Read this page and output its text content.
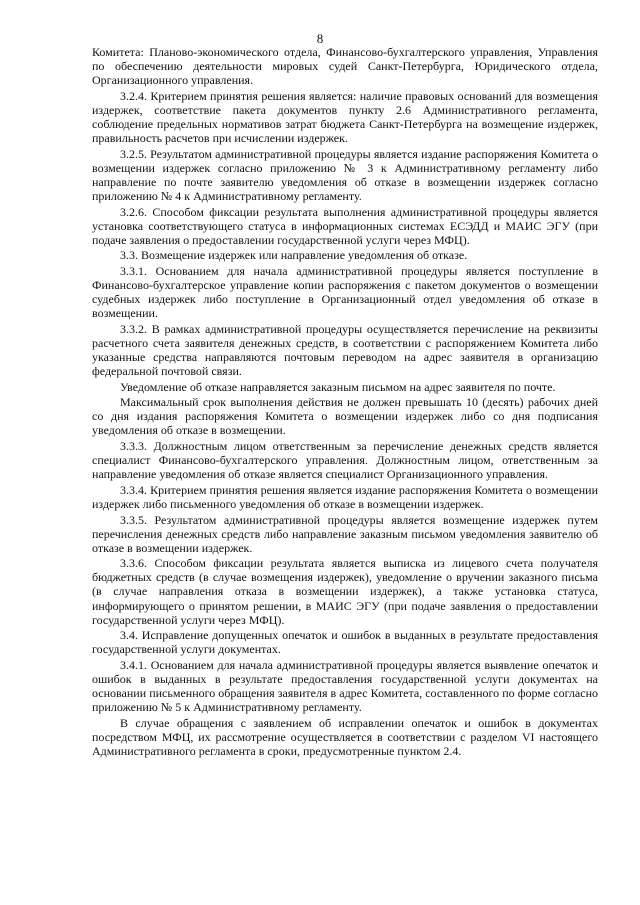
8

Комитета: Планово-экономического отдела, Финансово-бухгалтерского управления, Управления по обеспечению деятельности мировых судей Санкт-Петербурга, Юридического отдела, Организационного управления.

3.2.4. Критерием принятия решения является: наличие правовых оснований для возмещения издержек, соответствие пакета документов пункту 2.6 Административного регламента, соблюдение предельных нормативов затрат бюджета Санкт-Петербурга на возмещение издержек, правильность расчетов при исчислении издержек.

3.2.5. Результатом административной процедуры является издание распоряжения Комитета о возмещении издержек согласно приложению № 3 к Административному регламенту либо направление по почте заявителю уведомления об отказе в возмещении издержек согласно приложению № 4 к Административному регламенту.

3.2.6. Способом фиксации результата выполнения административной процедуры является установка соответствующего статуса в информационных системах ЕСЭДД и МАИС ЭГУ (при подаче заявления о предоставлении государственной услуги через МФЦ).

3.3. Возмещение издержек или направление уведомления об отказе.

3.3.1. Основанием для начала административной процедуры является поступление в Финансово-бухгалтерское управление копии распоряжения с пакетом документов о возмещении судебных издержек либо поступление в Организационный отдел уведомления об отказе в возмещении.

3.3.2. В рамках административной процедуры осуществляется перечисление на реквизиты расчетного счета заявителя денежных средств, в соответствии с распоряжением Комитета либо указанные средства направляются почтовым переводом на адрес заявителя в организацию федеральной почтовой связи.

Уведомление об отказе направляется заказным письмом на адрес заявителя по почте.

Максимальный срок выполнения действия не должен превышать 10 (десять) рабочих дней со дня издания распоряжения Комитета о возмещении издержек либо со дня подписания уведомления об отказе в возмещении.

3.3.3. Должностным лицом ответственным за перечисление денежных средств является специалист Финансово-бухгалтерского управления. Должностным лицом, ответственным за направление уведомления об отказе является специалист Организационного управления.

3.3.4. Критерием принятия решения является издание распоряжения Комитета о возмещении издержек либо письменного уведомления об отказе в возмещении издержек.

3.3.5. Результатом административной процедуры является возмещение издержек путем перечисления денежных средств либо направление заказным письмом уведомления заявителю об отказе в возмещении издержек.

3.3.6. Способом фиксации результата является выписка из лицевого счета получателя бюджетных средств (в случае возмещения издержек), уведомление о вручении заказного письма (в случае направления отказа в возмещении издержек), а также установка статуса, информирующего о принятом решении, в МАИС ЭГУ (при подаче заявления о предоставлении государственной услуги через МФЦ).

3.4. Исправление допущенных опечаток и ошибок в выданных в результате предоставления государственной услуги документах.

3.4.1. Основанием для начала административной процедуры является выявление опечаток и ошибок в выданных в результате предоставления государственной услуги документах на основании письменного обращения заявителя в адрес Комитета, составленного по форме согласно приложению № 5 к Административному регламенту.

В случае обращения с заявлением об исправлении опечаток и ошибок в документах посредством МФЦ, их рассмотрение осуществляется в соответствии с разделом VI настоящего Административного регламента в сроки, предусмотренные пунктом 2.4.
